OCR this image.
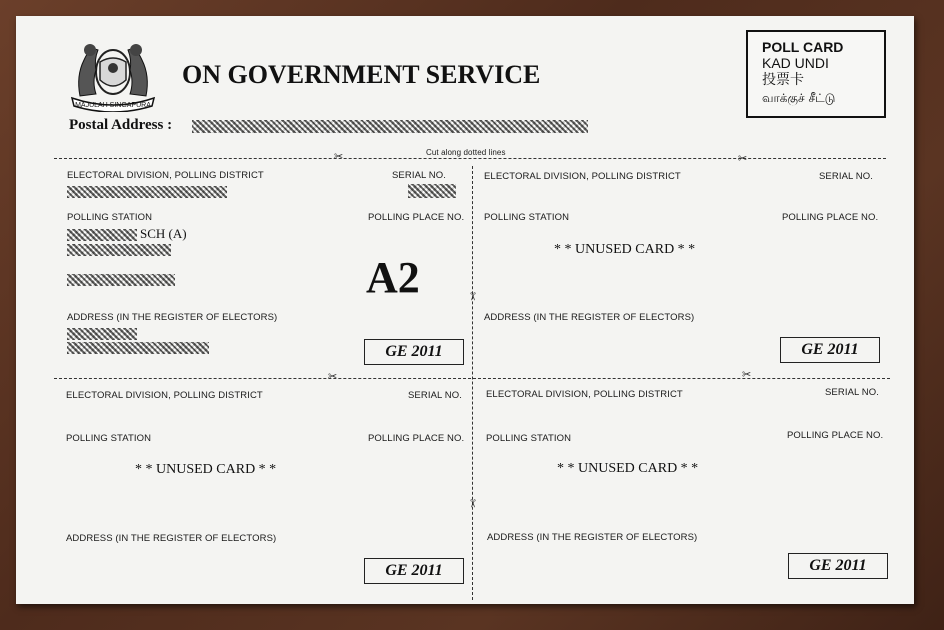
MAJULAH SINGAPURA
ON GOVERNMENT SERVICE
Postal Address :
POLL CARD
KAD UNDI
投票卡
வாக்குச் சீட்டு
Cut along dotted lines
✂	✂
✂	✂
✂
✂
ELECTORAL DIVISION, POLLING DISTRICT	SERIAL NO.
POLLING STATION	POLLING PLACE NO.
SCH (A)
A2
ADDRESS (IN THE REGISTER OF ELECTORS)
GE 2011
ELECTORAL DIVISION, POLLING DISTRICT	SERIAL NO.
POLLING STATION	POLLING PLACE NO.
* * UNUSED CARD * *
ADDRESS (IN THE REGISTER OF ELECTORS)
GE 2011
ELECTORAL DIVISION, POLLING DISTRICT	SERIAL NO.
POLLING STATION	POLLING PLACE NO.
* * UNUSED CARD * *
ADDRESS (IN THE REGISTER OF ELECTORS)
GE 2011
ELECTORAL DIVISION, POLLING DISTRICT	SERIAL NO.
POLLING STATION	POLLING PLACE NO.
* * UNUSED CARD * *
ADDRESS (IN THE REGISTER OF ELECTORS)
GE 2011
